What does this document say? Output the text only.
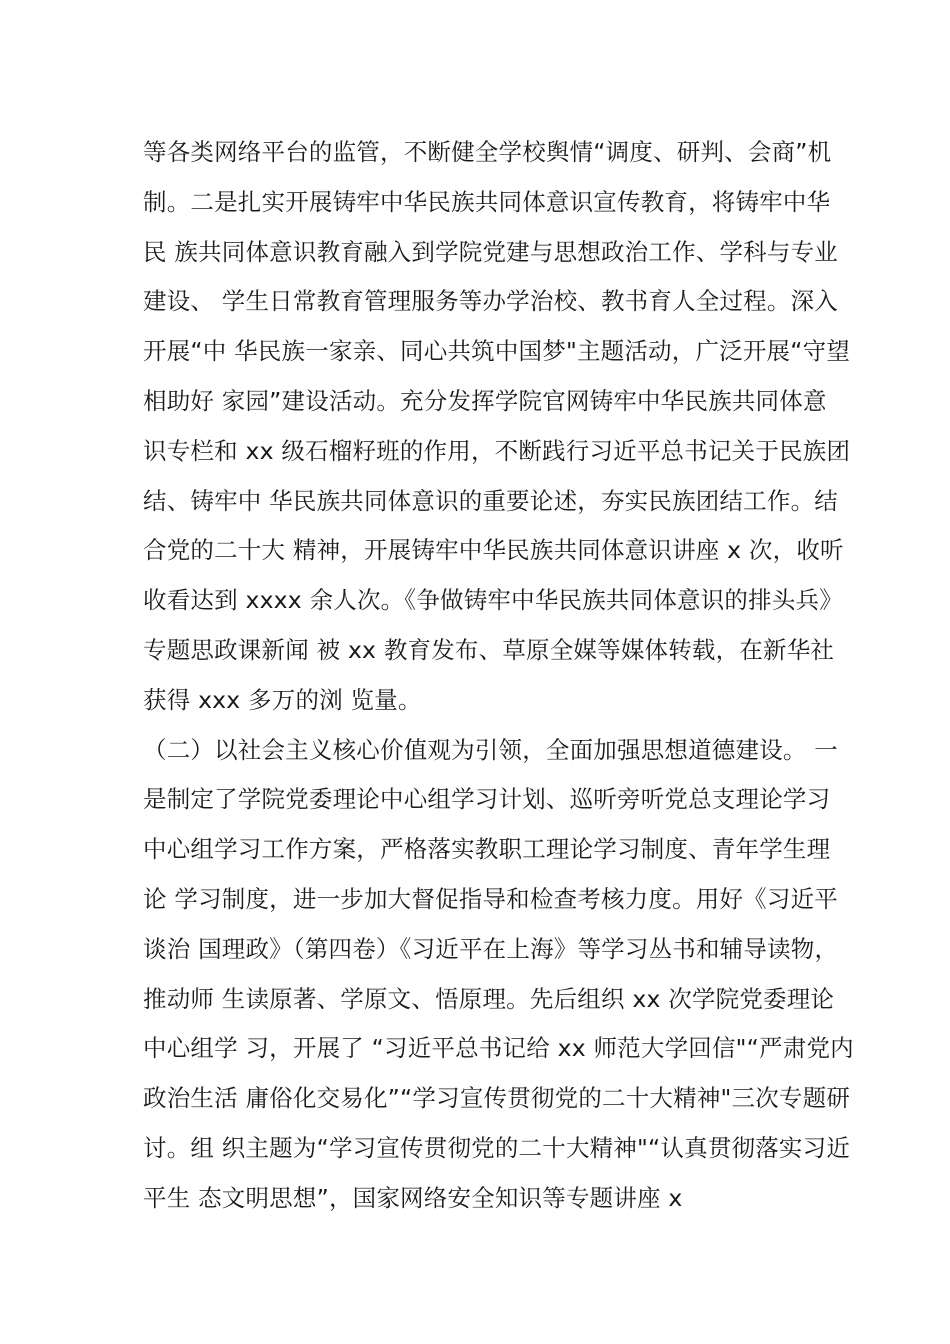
等各类网络平台的监管，不断健全学校舆情“调度、研判、会商”机
制。二是扎实开展铸牢中华民族共同体意识宣传教育，将铸牢中华
民 族共同体意识教育融入到学院党建与思想政治工作、学科与专业
建设、 学生日常教育管理服务等办学治校、教书育人全过程。深入
开展“中 华民族一家亲、同心共筑中国梦"主题活动，广泛开展“守望
相助好 家园”建设活动。充分发挥学院官网铸牢中华民族共同体意
识专栏和 xx 级石榴籽班的作用，不断践行习近平总书记关于民族团
结、铸牢中 华民族共同体意识的重要论述，夯实民族团结工作。结
合党的二十大 精神，开展铸牢中华民族共同体意识讲座 x 次，收听
收看达到 xxxx 余人次。《争做铸牢中华民族共同体意识的排头兵》
专题思政课新闻 被 xx 教育发布、草原全媒等媒体转载，在新华社
获得 xxx 多万的浏 览量。
（二）以社会主义核心价值观为引领，全面加强思想道德建设。 一
是制定了学院党委理论中心组学习计划、巡听旁听党总支理论学习
中心组学习工作方案，严格落实教职工理论学习制度、青年学生理
论 学习制度，进一步加大督促指导和检查考核力度。用好《习近平
谈治 国理政》（第四卷）《习近平在上海》等学习丛书和辅导读物，
推动师 生读原著、学原文、悟原理。先后组织 xx 次学院党委理论
中心组学 习，开展了 “习近平总书记给 xx 师范大学回信"“严肃党内
政治生活 庸俗化交易化”“学习宣传贯彻党的二十大精神"三次专题研
讨。组 织主题为“学习宣传贯彻党的二十大精神"“认真贯彻落实习近
平生 态文明思想”，国家网络安全知识等专题讲座 x
